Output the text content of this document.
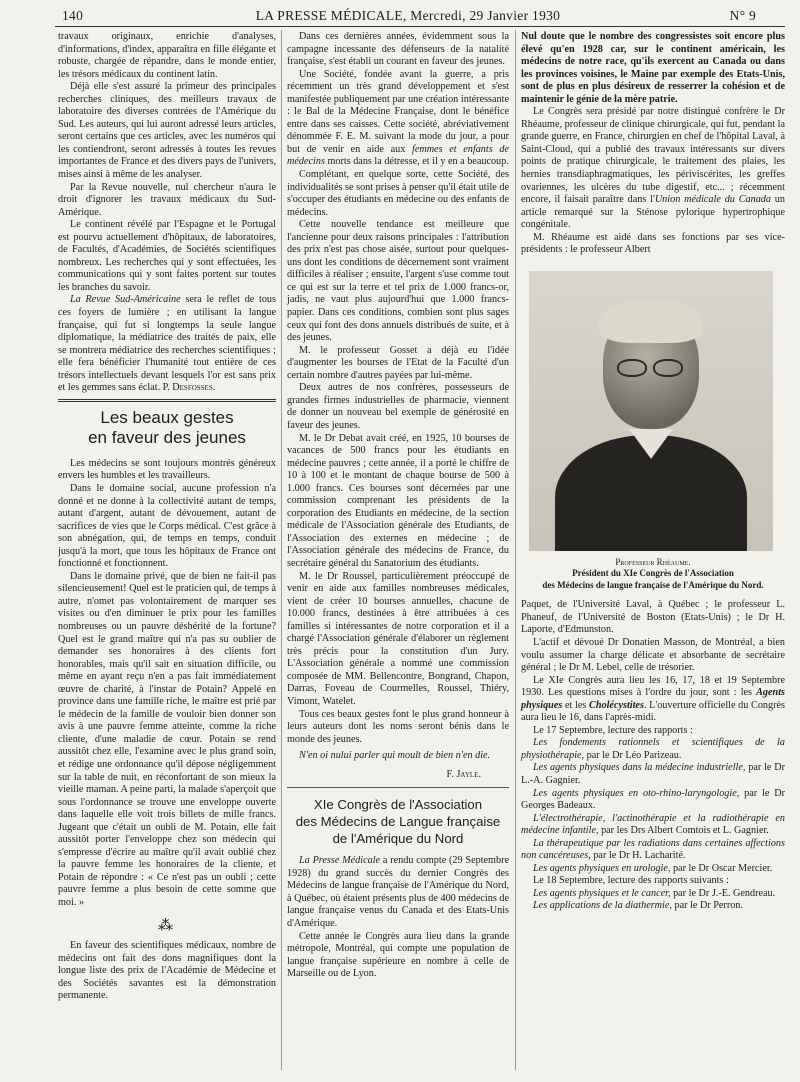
140	LA PRESSE MÉDICALE, Mercredi, 29 Janvier 1930	N° 9

travaux originaux, enrichie d'analyses, d'informations, d'index, apparaîtra en fille élégante et robuste, chargée de répandre, dans le monde entier, les trésors médicaux du continent latin.

Déjà elle s'est assuré la primeur des principales recherches cliniques, des meilleurs travaux de laboratoire des diverses contrées de l'Amérique du Sud. Les auteurs, qui lui auront adressé leurs articles, seront certains que ces articles, avec les numéros qui les contiendront, seront adressés à toutes les revues importantes de France et des divers pays de l'univers, mises ainsi à même de les analyser.

Par la Revue nouvelle, nul chercheur n'aura le droit d'ignorer les travaux médicaux du Sud-Amérique.

Le continent révélé par l'Espagne et le Portugal est pourvu actuellement d'hôpitaux, de laboratoires, de Facultés, d'Académies, de Sociétés scientifiques nombreux. Les recherches qui y sont effectuées, les communications qui y sont faites portent sur toutes les branches du savoir.

La Revue Sud-Américaine sera le reflet de tous ces foyers de lumière ; en utilisant la langue française, qui fut si longtemps la seule langue diplomatique, la médiatrice des traités de paix, elle se montrera médiatrice des recherches scientifiques ; elle fera bénéficier l'humanité tout entière de ces trésors intellectuels devant lesquels l'or est sans prix et les gemmes sans éclat. P. Desfosses.

Les beaux gestes
en faveur des jeunes

Les médecins se sont toujours montrés généreux envers les humbles et les travailleurs.

Dans le domaine social, aucune profession n'a donné et ne donne à la collectivité autant de temps, autant d'argent, autant de dévouement, autant de sacrifices de vies que le Corps médical. C'est grâce à son abnégation, qui, de temps en temps, conduit jusqu'à la mort, que tous les hôpitaux de France ont fonctionné et fonctionnent.

Dans le domaine privé, que de bien ne fait-il pas silencieusement! Quel est le praticien qui, de temps à autre, n'omet pas volontairement de marquer ses visites ou d'en diminuer le prix pour les familles nombreuses ou un pauvre déshérité de la fortune? Quel est le grand maître qui n'a pas su oublier de demander ses honoraires à des clients fort honorables, mais qu'il sait en situation difficile, ou même en ayant reçu n'en a pas fait immédiatement œuvre de charité, à l'instar de Potain? Appelé en province dans une famille riche, le maître est prié par le médecin de la famille de vouloir bien donner son avis à une pauvre femme atteinte, comme la riche cliente, d'une maladie de cœur. Potain se rend aussitôt chez elle, l'examine avec le plus grand soin, et rédige une ordonnance qu'il dépose négligemment sur la table de nuit, en réconfortant de son mieux la vieille maman. A peine parti, la malade s'aperçoit que sous l'ordonnance se trouve une enveloppe ouverte dans laquelle elle voit trois billets de mille francs. Jugeant que c'était un oubli de M. Potain, elle fait aussitôt porter l'enveloppe chez son médecin qui s'empresse d'écrire au maître qu'il avait oublié chez la pauvre femme les honoraires de la cliente, et Potain de répondre : « Ce n'est pas un oubli ; cette pauvre femme a plus besoin de cette somme que moi. »

⁂

En faveur des scientifiques médicaux, nombre de médecins ont fait des dons magnifiques dont la longue liste des prix de l'Académie de Médecine et des Sociétés savantes est la démonstration permanente.

Dans ces dernières années, évidemment sous la campagne incessante des défenseurs de la natalité française, s'est établi un courant en faveur des jeunes.

Une Société, fondée avant la guerre, a pris récemment un très grand développement et s'est manifestée publiquement par une création intéressante : le Bal de la Médecine Française, dont le bénéfice entre dans ses caisses. Cette société, abréviativement dénommée F. E. M. suivant la mode du jour, a pour but de venir en aide aux femmes et enfants de médecins morts dans la détresse, et il y en a beaucoup.

Complétant, en quelque sorte, cette Société, des individualités se sont prises à penser qu'il était utile de s'occuper des étudiants en médecine ou des enfants de médecins.

Cette nouvelle tendance est meilleure que l'ancienne pour deux raisons principales : l'attribution des prix n'est pas chose aisée, surtout pour quelques-uns dont les conditions de décernement sont vraiment difficiles à réaliser ; ensuite, l'argent s'use comme tout ce qui est sur la terre et tel prix de 1.000 francs-or, jadis, ne vaut plus aujourd'hui que 1.000 francs-papier. Dans ces conditions, combien sont plus sages ceux qui font des dons annuels distribués de suite, et à des jeunes.

M. le professeur Gosset a déjà eu l'idée d'augmenter les bourses de l'Etat de la Faculté d'un certain nombre d'autres payées par lui-même.

Deux autres de nos confrères, possesseurs de grandes firmes industrielles de pharmacie, viennent de donner un nouveau bel exemple de générosité en faveur des jeunes.

M. le Dr Debat avait créé, en 1925, 10 bourses de vacances de 500 francs pour les étudiants en médecine pauvres ; cette année, il a porté le chiffre de 10 à 100 et le montant de chaque bourse de 500 à 1.000 francs. Ces bourses sont décernées par une commission comprenant les présidents de la corporation des Etudiants en médecine, de la section médicale de l'Association générale des Etudiants, de l'Association des externes en médecine ; de l'Association générale des médecins de France, du secrétaire général du Sanatorium des étudiants.

M. le Dr Roussel, particulièrement préoccupé de venir en aide aux familles nombreuses médicales, vient de créer 10 bourses annuelles, chacune de 10.000 francs, destinées à être attribuées à ces familles si intéressantes de notre corporation et il a chargé l'Association générale d'élaborer un règlement très précis pour la constitution d'un Jury. L'Association générale a nommé une commission composée de MM. Bellencontre, Bongrand, Chapon, Darras, Foveau de Courmelles, Roussel, Thiéry, Vimont, Watelet.

Tous ces beaux gestes font le plus grand honneur à leurs auteurs dont les noms seront bénis dans le monde des jeunes.

N'en oi nului parler qui moult de bien n'en die.

F. Jayle.

XIe Congrès de l'Association
des Médecins de Langue française
de l'Amérique du Nord

La Presse Médicale a rendu compte (29 Septembre 1928) du grand succès du dernier Congrès des Médecins de langue française de l'Amérique du Nord, à Québec, où étaient présents plus de 400 médecins de langue française venus du Canada et des Etats-Unis d'Amérique.

Cette année le Congrès aura lieu dans la grande métropole, Montréal, qui compte une population de langue française supérieure en nombre à celle de Marseille ou de Lyon.

Nul doute que le nombre des congressistes soit encore plus élevé qu'en 1928 car, sur le continent américain, les médecins de notre race, qu'ils exercent au Canada ou dans les provinces voisines, le Maine par exemple des Etats-Unis, sont de plus en plus désireux de resserrer la cohésion et de maintenir le génie de la mère patrie.

Le Congrès sera présidé par notre distingué confrère le Dr Rhéaume, professeur de clinique chirurgicale, qui fut, pendant la grande guerre, en France, chirurgien en chef de l'hôpital Laval, à Saint-Cloud, qui a publié des travaux intéressants sur divers points de pratique chirurgicale, le traitement des plaies, les hernies transdiaphragmatiques, les périviscérites, les greffes ovariennes, les ulcères du tube digestif, etc... ; récemment encore, il faisait paraître dans l'Union médicale du Canada un article remarqué sur la Sténose pylorique hypertrophique congénitale.

M. Rhéaume est aidé dans ses fonctions par ses vice-présidents : le professeur Albert

Professeur Rhéaume.
Président du XIe Congrès de l'Association
des Médecins de langue française de l'Amérique du Nord.

Paquet, de l'Université Laval, à Québec ; le professeur L. Phaneuf, de l'Université de Boston (Etats-Unis) ; le Dr H. Laporte, d'Edmunston.

L'actif et dévoué Dr Donatien Masson, de Montréal, a bien voulu assumer la charge délicate et absorbante de secrétaire général ; le Dr M. Lebel, celle de trésorier.

Le XIe Congrès aura lieu les 16, 17, 18 et 19 Septembre 1930. Les questions mises à l'ordre du jour, sont : les Agents physiques et les Cholécystites. L'ouverture officielle du Congrès aura lieu le 16, dans l'après-midi.

Le 17 Septembre, lecture des rapports :

Les fondements rationnels et scientifiques de la physiothérapie, par le Dr Léo Parizeau.

Les agents physiques dans la médecine industrielle, par le Dr L.-A. Gagnier.

Les agents physiques en oto-rhino-laryngologie, par le Dr Georges Badeaux.

L'électrothérapie, l'actinothérapie et la radiothérapie en médecine infantile, par les Drs Albert Comtois et L. Gagnier.

La thérapeutique par les radiations dans certaines affections non cancéreuses, par le Dr H. Lacharité.

Les agents physiques en urologie, par le Dr Oscar Mercier.

Le 18 Septembre, lecture des rapports suivants :

Les agents physiques et le cancer, par le Dr J.-E. Gendreau.

Les applications de la diathermie, par le Dr Perron.
